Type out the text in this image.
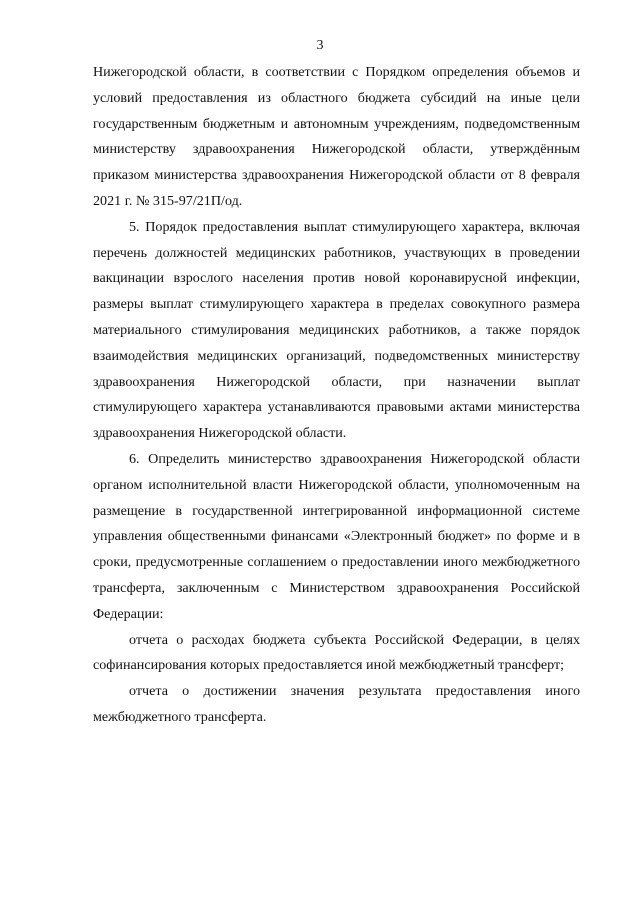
3

Нижегородской области, в соответствии с Порядком определения объемов и условий предоставления из областного бюджета субсидий на иные цели государственным бюджетным и автономным учреждениям, подведомственным министерству здравоохранения Нижегородской области, утверждённым приказом министерства здравоохранения Нижегородской области от 8 февраля 2021 г. № 315-97/21П/од.

5. Порядок предоставления выплат стимулирующего характера, включая перечень должностей медицинских работников, участвующих в проведении вакцинации взрослого населения против новой коронавирусной инфекции, размеры выплат стимулирующего характера в пределах совокупного размера материального стимулирования медицинских работников, а также порядок взаимодействия медицинских организаций, подведомственных министерству здравоохранения Нижегородской области, при назначении выплат стимулирующего характера устанавливаются правовыми актами министерства здравоохранения Нижегородской области.

6. Определить министерство здравоохранения Нижегородской области органом исполнительной власти Нижегородской области, уполномоченным на размещение в государственной интегрированной информационной системе управления общественными финансами «Электронный бюджет» по форме и в сроки, предусмотренные соглашением о предоставлении иного межбюджетного трансферта, заключенным с Министерством здравоохранения Российской Федерации:

отчета о расходах бюджета субъекта Российской Федерации, в целях софинансирования которых предоставляется иной межбюджетный трансферт;

отчета о достижении значения результата предоставления иного межбюджетного трансферта.
